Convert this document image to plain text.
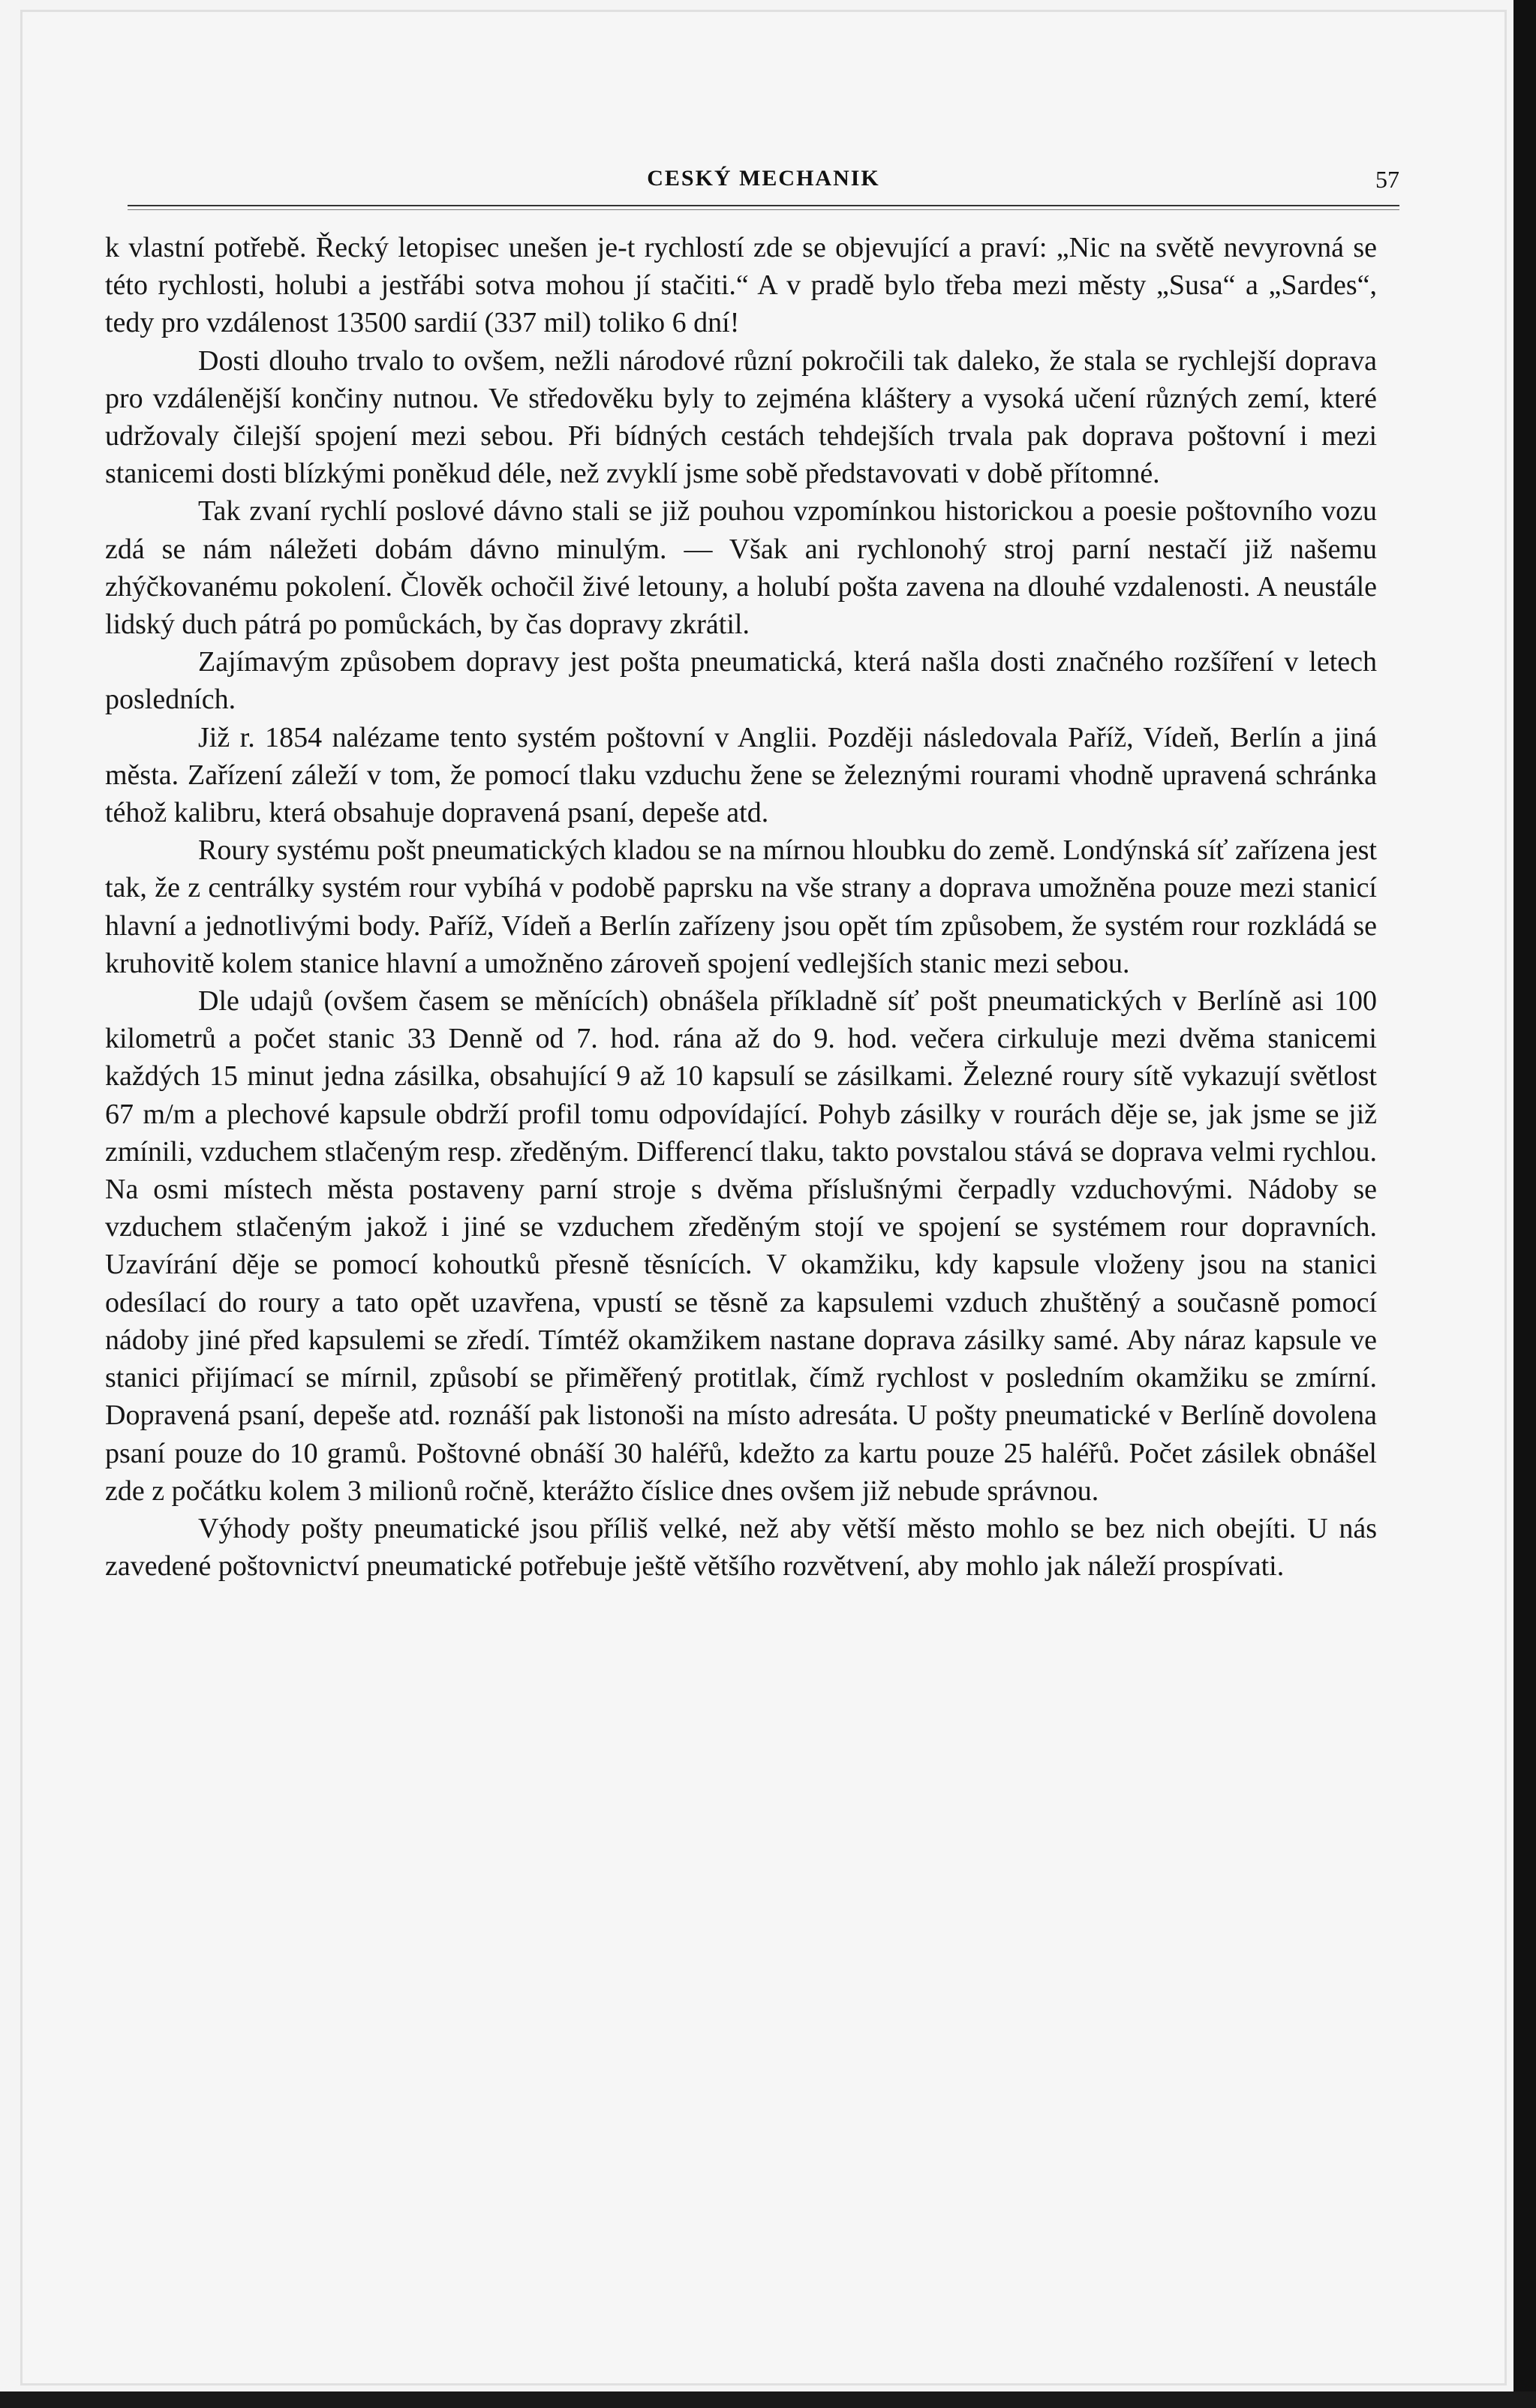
CESKÝ MECHANIK	57

k vlastní potřebě. Řecký letopisec unešen je-t rychlostí zde se objevující a praví: „Nic na světě nevyrovná se této rychlosti, holubi a jestřábi sotva mohou jí stačiti.“ A v pradě bylo třeba mezi městy „Susa“ a „Sardes“, tedy pro vzdálenost 13500 sardií (337 mil) toliko 6 dní!

Dosti dlouho trvalo to ovšem, nežli národové různí pokročili tak daleko, že stala se rychlejší doprava pro vzdálenější končiny nutnou. Ve středověku byly to zejména kláštery a vysoká učení různých zemí, které udržovaly čilejší spojení mezi sebou. Při bídných cestách tehdejších trvala pak doprava poštovní i mezi stanicemi dosti blízkými poněkud déle, než zvyklí jsme sobě představovati v době přítomné.

Tak zvaní rychlí poslové dávno stali se již pouhou vzpomínkou historickou a poesie poštovního vozu zdá se nám náležeti dobám dávno minulým. — Však ani rychlonohý stroj parní nestačí již našemu zhýčkovanému pokolení. Člověk ochočil živé letouny, a holubí pošta zavena na dlouhé vzdalenosti. A neustále lidský duch pátrá po pomůckách, by čas dopravy zkrátil.

Zajímavým způsobem dopravy jest pošta pneumatická, která našla dosti značného rozšíření v letech posledních.

Již r. 1854 nalézame tento systém poštovní v Anglii. Později následovala Paříž, Vídeň, Berlín a jiná města. Zařízení záleží v tom, že pomocí tlaku vzduchu žene se železnými rourami vhodně upravená schránka téhož kalibru, která obsahuje dopravená psaní, depeše atd.

Roury systému pošt pneumatických kladou se na mírnou hloubku do země. Londýnská síť zařízena jest tak, že z centrálky systém rour vybíhá v podobě paprsku na vše strany a doprava umožněna pouze mezi stanicí hlavní a jednotlivými body. Paříž, Vídeň a Berlín zařízeny jsou opět tím způsobem, že systém rour rozkládá se kruhovitě kolem stanice hlavní a umožněno zároveň spojení vedlejších stanic mezi sebou.

Dle udajů (ovšem časem se měnících) obnášela příkladně síť pošt pneumatických v Berlíně asi 100 kilometrů a počet stanic 33 Denně od 7. hod. rána až do 9. hod. večera cirkuluje mezi dvěma stanicemi každých 15 minut jedna zásilka, obsahující 9 až 10 kapsulí se zásilkami. Železné roury sítě vykazují světlost 67 m/m a plechové kapsule obdrží profil tomu odpovídající. Pohyb zásilky v rourách děje se, jak jsme se již zmínili, vzduchem stlačeným resp. zředěným. Differencí tlaku, takto povstalou stává se doprava velmi rychlou. Na osmi místech města postaveny parní stroje s dvěma příslušnými čerpadly vzduchovými. Nádoby se vzduchem stlačeným jakož i jiné se vzduchem zředěným stojí ve spojení se systémem rour dopravních. Uzavírání děje se pomocí kohoutků přesně těsnících. V okamžiku, kdy kapsule vloženy jsou na stanici odesílací do roury a tato opět uzavřena, vpustí se těsně za kapsulemi vzduch zhuštěný a současně pomocí nádoby jiné před kapsulemi se zředí. Tímtéž okamžikem nastane doprava zásilky samé. Aby náraz kapsule ve stanici přijímací se mírnil, způsobí se přiměřený protitlak, čímž rychlost v posledním okamžiku se zmírní. Dopravená psaní, depeše atd. roznáší pak listonoši na místo adresáta. U pošty pneumatické v Berlíně dovolena psaní pouze do 10 gramů. Poštovné obnáší 30 haléřů, kdežto za kartu pouze 25 haléřů. Počet zásilek obnášel zde z počátku kolem 3 milionů ročně, kterážto číslice dnes ovšem již nebude správnou.

Výhody pošty pneumatické jsou příliš velké, než aby větší město mohlo se bez nich obejíti. U nás zavedené poštovnictví pneumatické potřebuje ještě většího rozvětvení, aby mohlo jak náleží prospívati.
